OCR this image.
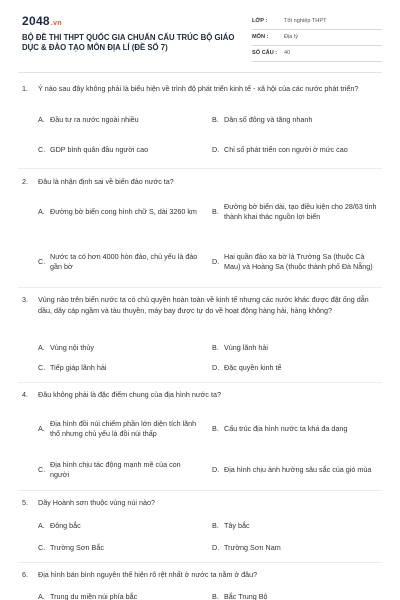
2048.vn
BỘ ĐỀ THI THPT QUỐC GIA CHUẨN CẤU TRÚC BỘ GIÁO DỤC & ĐÀO TẠO MÔN ĐỊA LÍ (ĐỀ SỐ 7)
LỚP :	Tốt nghiệp THPT
MÔN :	Địa lý
SỐ CÂU : 40
1. Ý nào sau đây không phải là biểu hiện về trình độ phát triển kinh tế - xã hội của các nước phát triển?
A. Đầu tư ra nước ngoài nhiều	B. Dân số đông và tăng nhanh
C. GDP bình quân đầu người cao	D. Chỉ số phát triển con người ở mức cao
2. Đâu là nhận định sai về biển đảo nước ta?
A. Đường bờ biển cong hình chữ S, dài 3260 km	B.
Đường bờ biển dài, tạo điều kiện cho 28/63 tỉnh thành khai thác nguồn lợi biển
C.
Nước ta có hơn 4000 hòn đảo, chủ yếu là đảo gần bờ
D.
Hai quần đảo xa bờ là Trường Sa (thuộc Cà Mau) và Hoàng Sa (thuộc thành phố Đà Nẵng)
3. Vùng nào trên biển nước ta có chủ quyền hoàn toàn về kinh tế nhưng các nước khác được đặt ống dẫn dầu, dây cáp ngầm và tàu thuyền, máy bay được tự do về hoạt động hàng hải, hàng không?
A. Vùng nội thủy	B. Vùng lãnh hải
C. Tiếp giáp lãnh hải	D. Đặc quyền kinh tế
4. Đâu không phải là đặc điểm chung của địa hình nước ta?
A.
Địa hình đồi núi chiếm phần lớn diện tích lãnh thổ nhưng chủ yếu là đồi núi thấp
B. Cấu trúc địa hình nước ta khá đa dạng
C.
Địa hình chịu tác động mạnh mẽ của con người
D. Địa hình chịu ảnh hưởng sâu sắc của gió mùa
5. Dãy Hoành sơn thuộc vùng núi nào?
A. Đông bắc	B. Tây bắc
C. Trường Sơn Bắc	D. Trường Sơn Nam
6. Địa hình bán bình nguyên thể hiện rõ rệt nhất ở nước ta nằm ở đâu?
A. Trung du miền núi phía bắc	B. Bắc Trung Bộ
